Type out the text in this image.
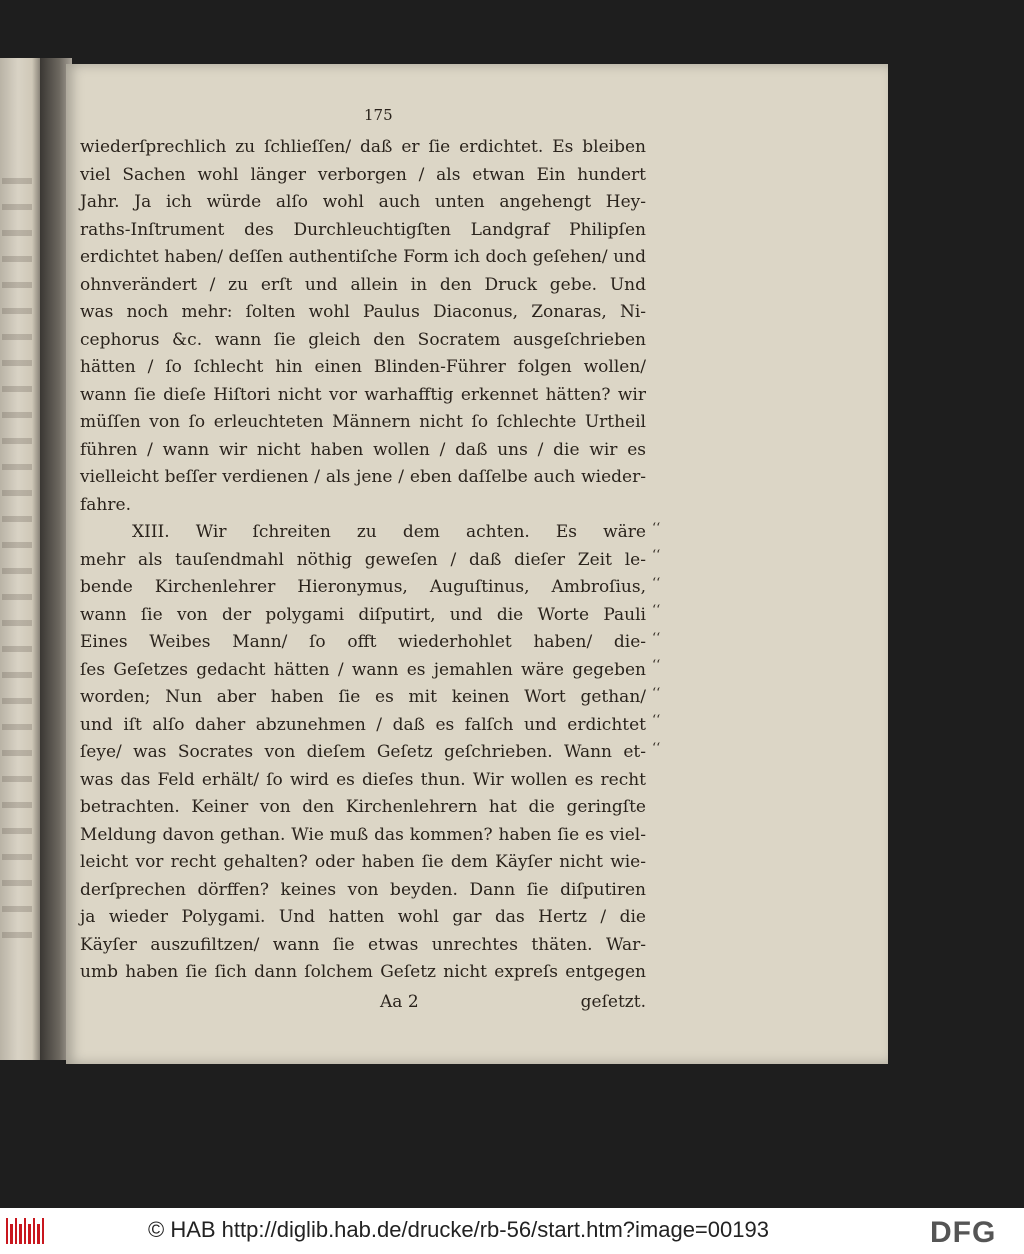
175
wiederſprechlich zu ſchlieſſen/ daß er ſie erdichtet. Es bleiben
viel Sachen wohl länger verborgen / als etwan Ein hundert
Jahr. Ja ich würde alſo wohl auch unten angehengt Hey-
raths-Inſtrument des Durchleuchtigſten Landgraf Philipſen
erdichtet haben/ deſſen authentiſche Form ich doch geſehen/ und
ohnverändert / zu erſt und allein in den Druck gebe. Und
was noch mehr: ſolten wohl Paulus Diaconus, Zonaras, Ni-
cephorus &c. wann ſie gleich den Socratem ausgeſchrieben
hätten / ſo ſchlecht hin einen Blinden-Führer folgen wollen/
wann ſie dieſe Hiſtori nicht vor warhafftig erkennet hätten? wir
müſſen von ſo erleuchteten Männern nicht ſo ſchlechte Urtheil
führen / wann wir nicht haben wollen / daß uns / die wir es
vielleicht beſſer verdienen / als jene / eben daſſelbe auch wieder-
fahre.
XIII. Wir ſchreiten zu dem achten. Es wäre
mehr als tauſendmahl nöthig geweſen / daß dieſer Zeit le-
bende Kirchenlehrer Hieronymus, Auguſtinus, Ambroſius,
wann ſie von der polygami diſputirt, und die Worte Pauli
Eines Weibes Mann/ ſo offt wiederhohlet haben/ die-
ſes Geſetzes gedacht hätten / wann es jemahlen wäre gegeben
worden; Nun aber haben ſie es mit keinen Wort gethan/
und iſt alſo daher abzunehmen / daß es falſch und erdichtet
ſeye/ was Socrates von dieſem Geſetz geſchrieben. Wann et-
was das Feld erhält/ ſo wird es dieſes thun. Wir wollen es recht
betrachten. Keiner von den Kirchenlehrern hat die geringſte
Meldung davon gethan. Wie muß das kommen? haben ſie es viel-
leicht vor recht gehalten? oder haben ſie dem Käyſer nicht wie-
derſprechen dörffen? keines von beyden. Dann ſie diſputiren
ja wieder Polygami. Und hatten wohl gar das Hertz / die
Käyſer auszufiltzen/ wann ſie etwas unrechtes thäten. War-
umb haben ſie ſich dann ſolchem Geſetz nicht expreſs entgegen
‘‘
‘‘
‘‘
‘‘
‘‘
‘‘
‘‘
‘‘
‘‘
Aa 2	geſetzt.
© HAB http://diglib.hab.de/drucke/rb-56/start.htm?image=00193	DFG
